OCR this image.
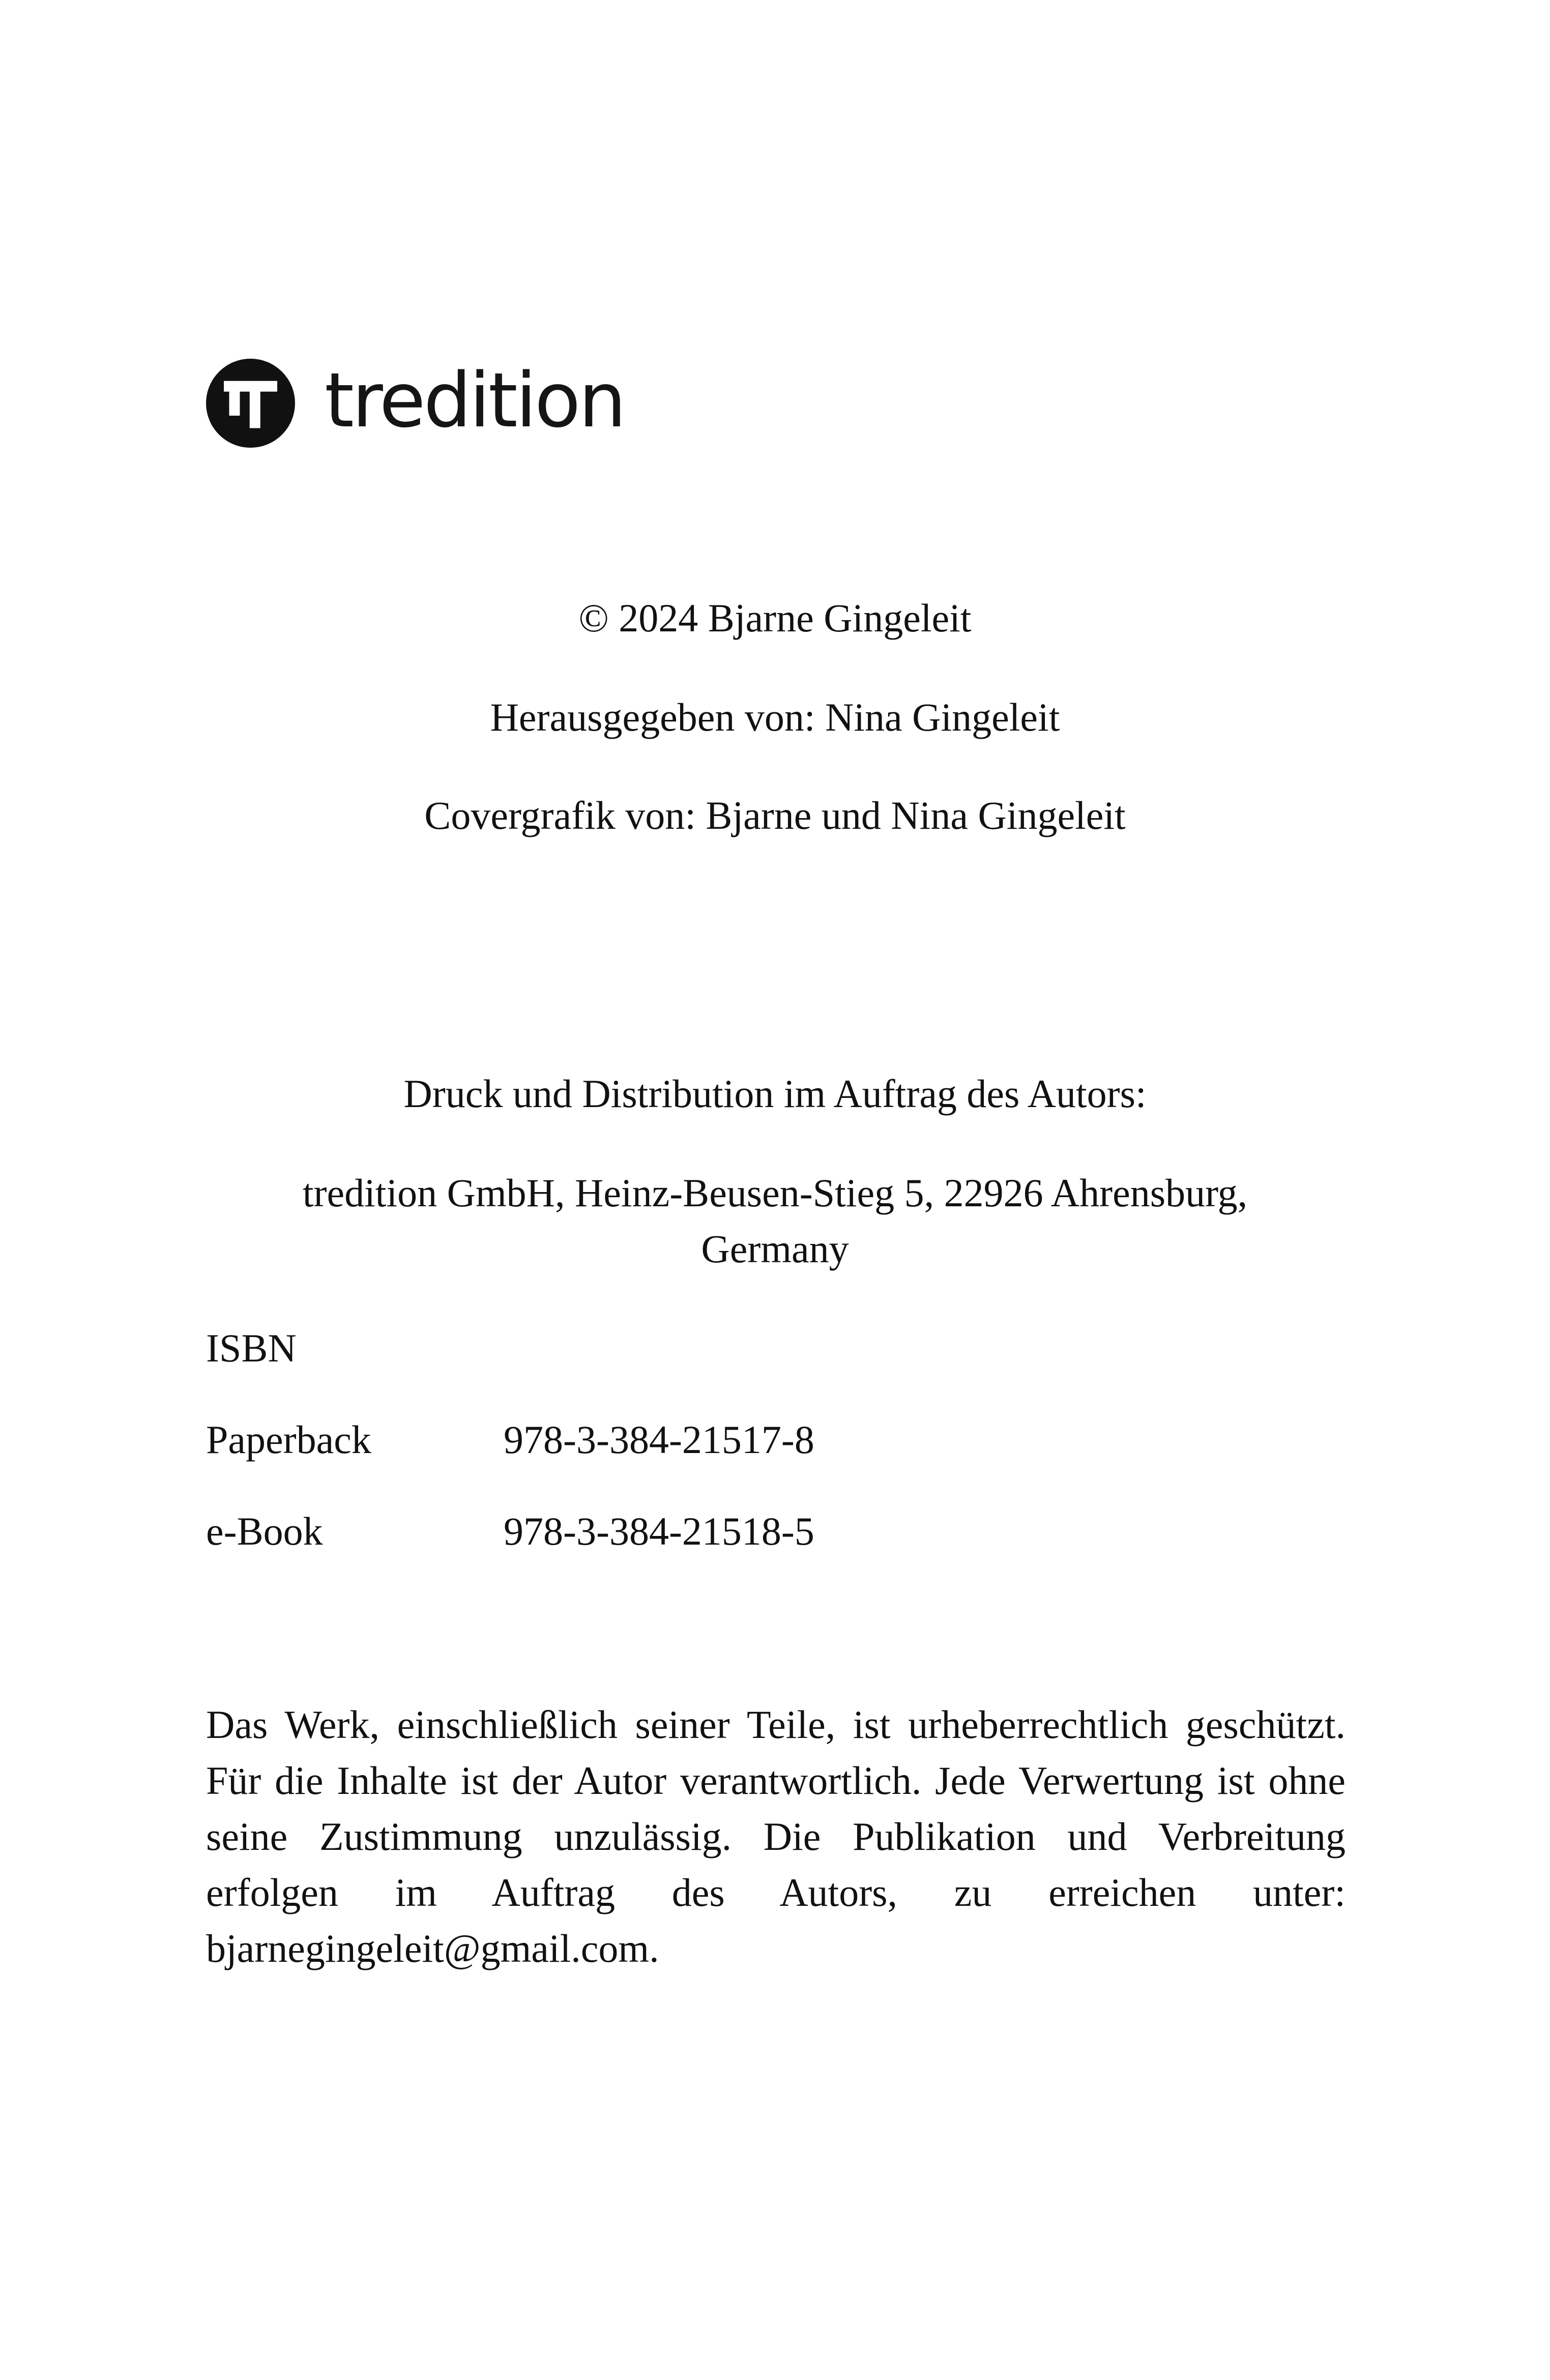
tredition
© 2024 Bjarne Gingeleit
Herausgegeben von: Nina Gingeleit
Covergrafik von: Bjarne und Nina Gingeleit
Druck und Distribution im Auftrag des Autors:
tredition GmbH, Heinz-Beusen-Stieg 5, 22926 Ahrensburg,
Germany
ISBN
Paperback	978-3-384-21517-8
e-Book	978-3-384-21518-5
Das Werk, einschließlich seiner Teile, ist urheberrechtlich geschützt. Für die Inhalte ist der Autor verantwortlich. Jede Verwertung ist ohne seine Zustimmung unzulässig. Die Publikation und Verbreitung erfolgen im Auftrag des Autors, zu erreichen unter: bjarnegingeleit@gmail.com.
